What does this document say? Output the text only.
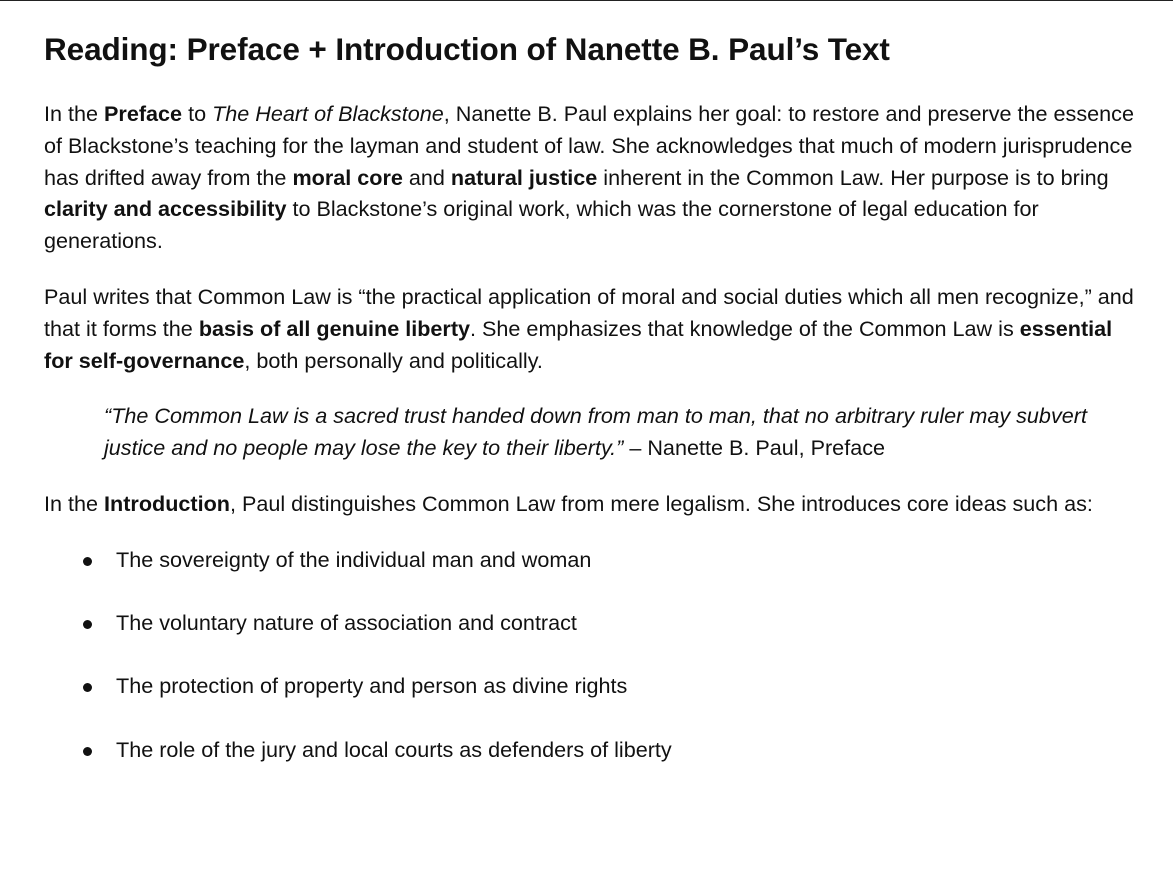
Reading: Preface + Introduction of Nanette B. Paul’s Text

In the Preface to The Heart of Blackstone, Nanette B. Paul explains her goal: to restore and preserve the essence of Blackstone’s teaching for the layman and student of law. She acknowledges that much of modern jurisprudence has drifted away from the moral core and natural justice inherent in the Common Law. Her purpose is to bring clarity and accessibility to Blackstone’s original work, which was the cornerstone of legal education for generations.

Paul writes that Common Law is “the practical application of moral and social duties which all men recognize,” and that it forms the basis of all genuine liberty. She emphasizes that knowledge of the Common Law is essential for self-governance, both personally and politically.

“The Common Law is a sacred trust handed down from man to man, that no arbitrary ruler may subvert justice and no people may lose the key to their liberty.” – Nanette B. Paul, Preface

In the Introduction, Paul distinguishes Common Law from mere legalism. She introduces core ideas such as:

The sovereignty of the individual man and woman
The voluntary nature of association and contract
The protection of property and person as divine rights
The role of the jury and local courts as defenders of liberty
